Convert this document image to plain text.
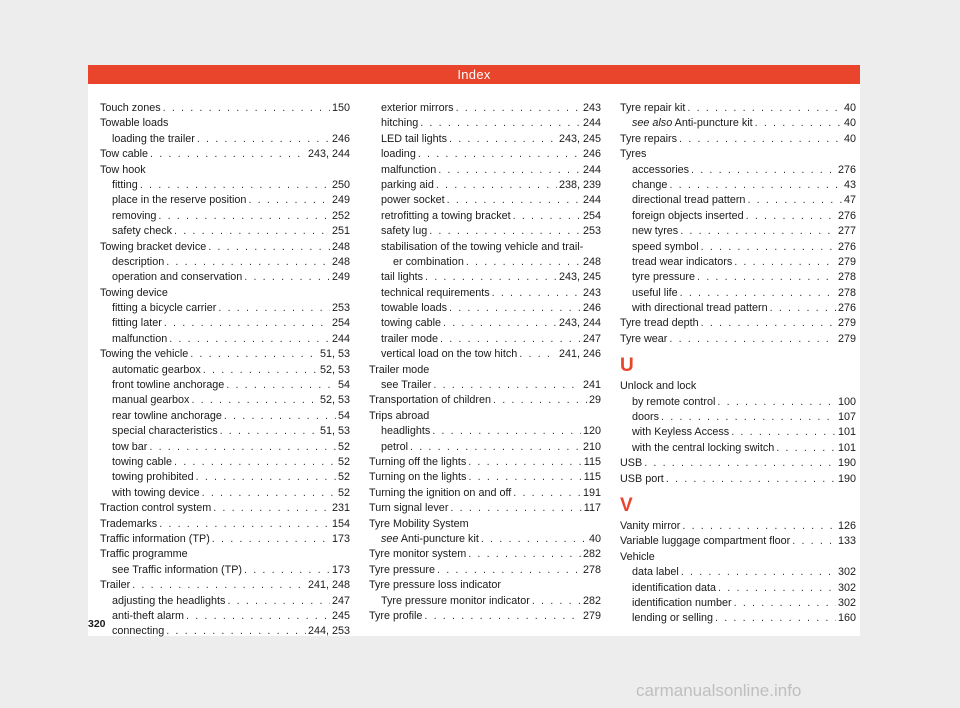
Index
Touch zones . . .	150
Towable loads
loading the trailer . . .	246
Tow cable . . .	243, 244
Tow hook
fitting . . .	250
place in the reserve position . . .	249
removing . . .	252
safety check . . .	251
Towing bracket device . . .	248
description . . .	248
operation and conservation . . .	249
Towing device
fitting a bicycle carrier . . .	253
fitting later . . .	254
malfunction . . .	244
Towing the vehicle . . .	51, 53
automatic gearbox . . .	52, 53
front towline anchorage . . .	54
manual gearbox . . .	52, 53
rear towline anchorage . . .	54
special characteristics . . .	51, 53
tow bar . . .	52
towing cable . . .	52
towing prohibited . . .	52
with towing device . . .	52
Traction control system . . .	231
Trademarks . . .	154
Traffic information (TP) . . .	173
Traffic programme
see Traffic information (TP) . . .	173
Trailer . . .	241, 248
adjusting the headlights . . .	247
anti-theft alarm . . .	245
connecting . . .	244, 253
exterior mirrors . . .	243
hitching . . .	244
LED tail lights . . .	243, 245
loading . . .	246
malfunction . . .	244
parking aid . . .	238, 239
power socket . . .	244
retrofitting a towing bracket . . .	254
safety lug . . .	253
stabilisation of the towing vehicle and trail-
er combination . . .	248
tail lights . . .	243, 245
technical requirements . . .	243
towable loads . . .	246
towing cable . . .	243, 244
trailer mode . . .	247
vertical load on the tow hitch . . .	241, 246
Trailer mode
see Trailer . . .	241
Transportation of children . . .	29
Trips abroad
headlights . . .	120
petrol . . .	210
Turning off the lights . . .	115
Turning on the lights . . .	115
Turning the ignition on and off . . .	191
Turn signal lever . . .	117
Tyre Mobility System
see Anti-puncture kit . . .	40
Tyre monitor system . . .	282
Tyre pressure . . .	278
Tyre pressure loss indicator
Tyre pressure monitor indicator . . .	282
Tyre profile . . .	279
Tyre repair kit . . .	40
see also Anti-puncture kit . . .	40
Tyre repairs . . .	40
Tyres
accessories . . .	276
change . . .	43
directional tread pattern . . .	47
foreign objects inserted . . .	276
new tyres . . .	277
speed symbol . . .	276
tread wear indicators . . .	279
tyre pressure . . .	278
useful life . . .	278
with directional tread pattern . . .	276
Tyre tread depth . . .	279
Tyre wear . . .	279
U
Unlock and lock
by remote control . . .	100
doors . . .	107
with Keyless Access . . .	101
with the central locking switch . . .	101
USB . . .	190
USB port . . .	190
V
Vanity mirror . . .	126
Variable luggage compartment floor . . .	133
Vehicle
data label . . .	302
identification data . . .	302
identification number . . .	302
lending or selling . . .	160
320
carmanualsonline.info
